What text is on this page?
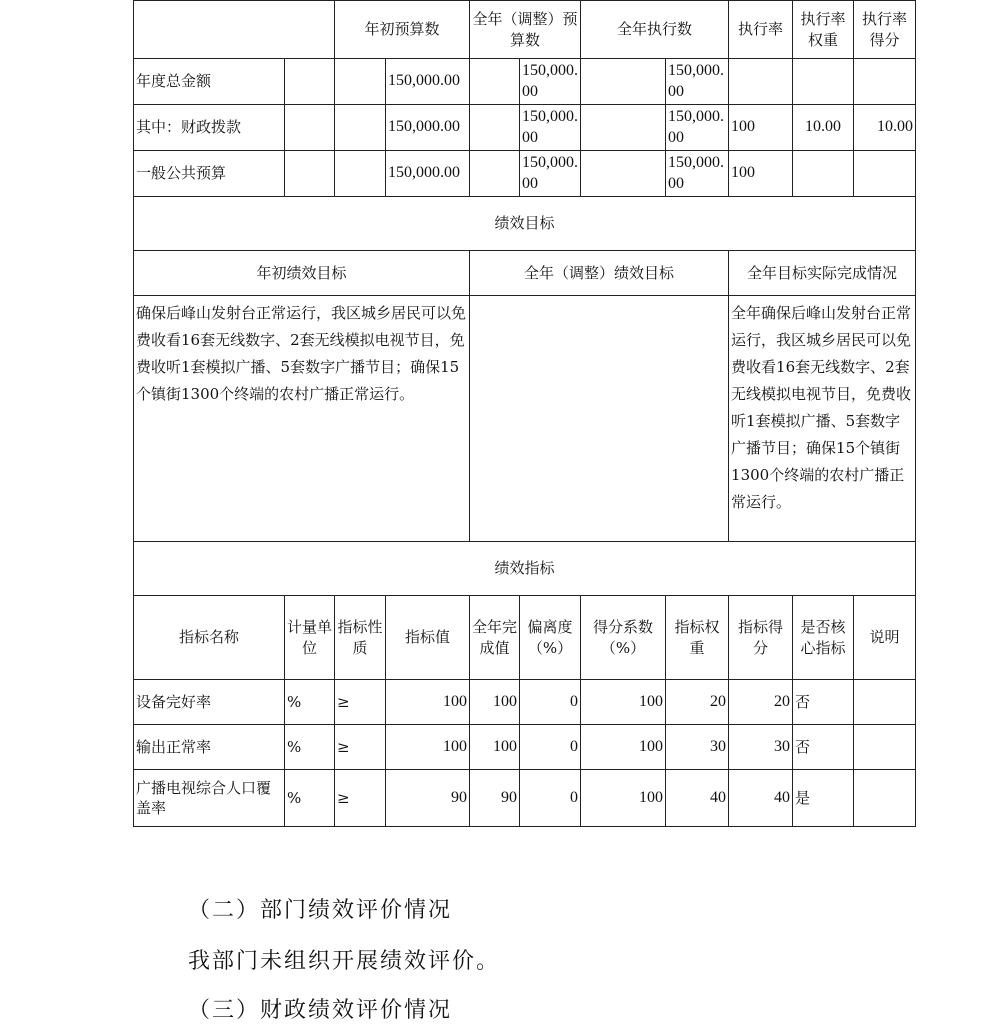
		年初预算数		全年（调整）预算数		全年执行数		执行率	执行率权重	执行率得分
年度总金额			150,000.00		150,000.00		150,000.00			
其中：财政拨款			150,000.00		150,000.00		150,000.00	100	10.00	10.00
一般公共预算			150,000.00		150,000.00		150,000.00	100		
绩效目标										
年初绩效目标				全年（调整）绩效目标				全年目标实际完成情况		
确保后峰山发射台正常运行，我区城乡居民可以免费收看16套无线数字、2套无线模拟电视节目，免费收听1套模拟广播、5套数字广播节目；确保15个镇街1300个终端的农村广播正常运行。								全年确保后峰山发射台正常运行，我区城乡居民可以免费收看16套无线数字、2套无线模拟电视节目，免费收听1套模拟广播、5套数字广播节目；确保15个镇街1300个终端的农村广播正常运行。		
绩效指标										
指标名称	计量单位	指标性质	指标值	全年完成值	偏离度（%）	得分系数（%）	指标权重	指标得分	是否核心指标	说明
设备完好率	%	≥	100	100	0	100	20	20	否	
输出正常率	%	≥	100	100	0	100	30	30	否	
广播电视综合人口覆盖率	%	≥	90	90	0	100	40	40	是	
（二）部门绩效评价情况
我部门未组织开展绩效评价。
（三）财政绩效评价情况
